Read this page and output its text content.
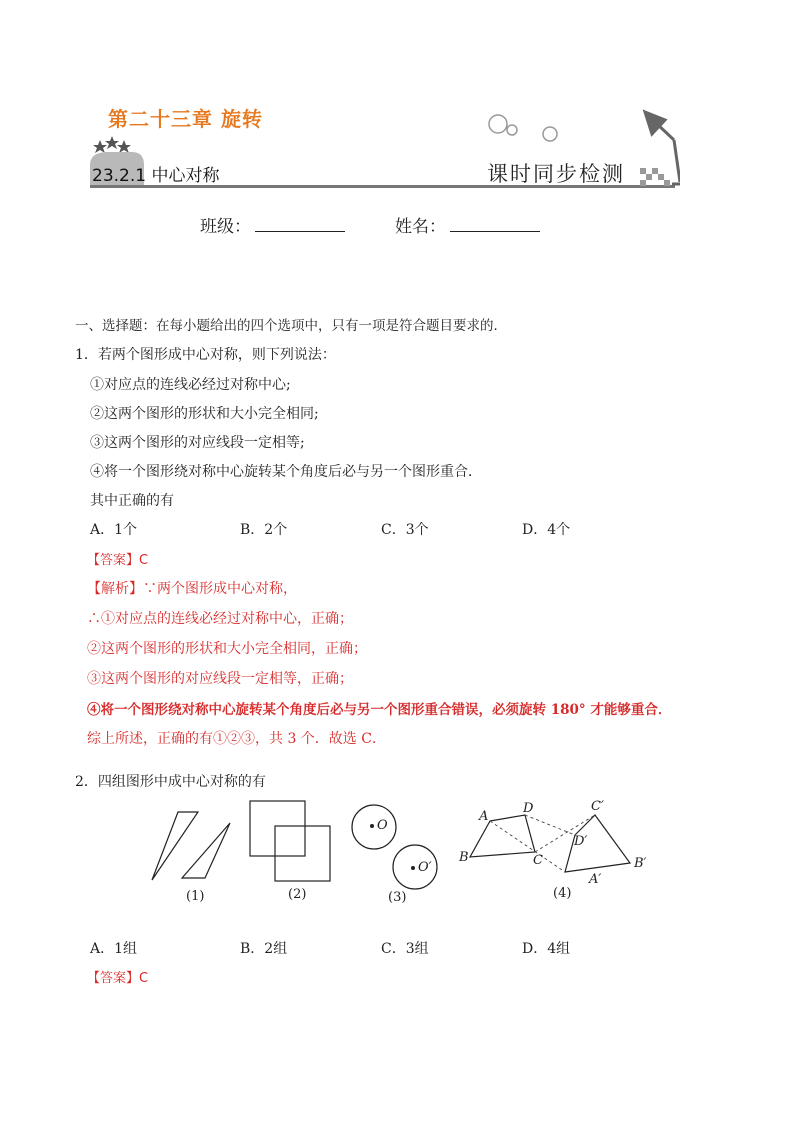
第二十三章 旋转
23.2.1 中心对称	课时同步检测
班级：	姓名：
一、选择题：在每小题给出的四个选项中，只有一项是符合题目要求的．
1．若两个图形成中心对称，则下列说法：
①对应点的连线必经过对称中心;
②这两个图形的形状和大小完全相同;
③这两个图形的对应线段一定相等;
④将一个图形绕对称中心旋转某个角度后必与另一个图形重合．
其中正确的有
A．1个	B．2个	C．3个	D．4个
【答案】C
【解析】∵两个图形成中心对称，
∴①对应点的连线必经过对称中心，正确；
②这两个图形的形状和大小完全相同，正确；
③这两个图形的对应线段一定相等，正确；
④将一个图形绕对称中心旋转某个角度后必与另一个图形重合错误，必须旋转 180° 才能够重合．
综上所述，正确的有①②③，共 3 个．故选 C．
2．四组图形中成中心对称的有
O
O′
A
D
B	C
C′
D′
B′
A′
(1)	(2)	(3)	(4)
A．1组	B．2组	C．3组	D．4组
【答案】C
